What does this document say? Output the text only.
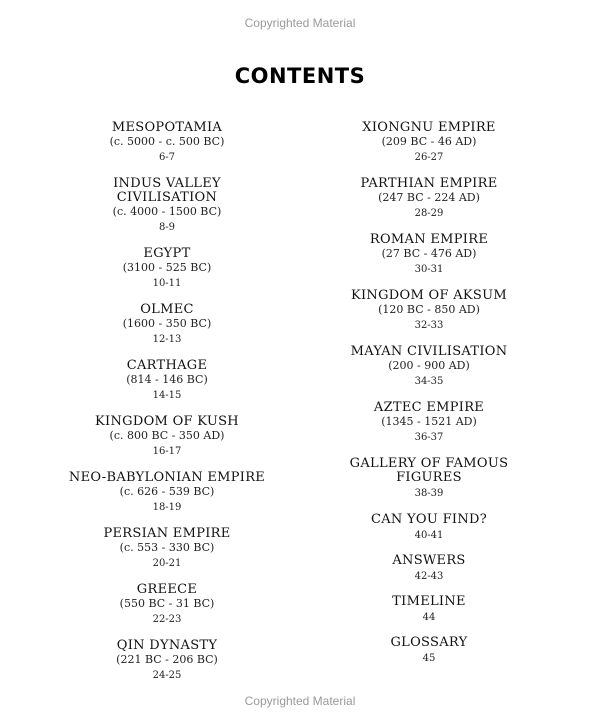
Copyrighted Material
CONTENTS
MESOPOTAMIA
(c. 5000 - c. 500 BC)
6-7
INDUS VALLEY CIVILISATION
(c. 4000 - 1500 BC)
8-9
EGYPT
(3100 - 525 BC)
10-11
OLMEC
(1600 - 350 BC)
12-13
CARTHAGE
(814 - 146 BC)
14-15
KINGDOM OF KUSH
(c. 800 BC - 350 AD)
16-17
NEO-BABYLONIAN EMPIRE
(c. 626 - 539 BC)
18-19
PERSIAN EMPIRE
(c. 553 - 330 BC)
20-21
GREECE
(550 BC - 31 BC)
22-23
QIN DYNASTY
(221 BC - 206 BC)
24-25
XIONGNU EMPIRE
(209 BC - 46 AD)
26-27
PARTHIAN EMPIRE
(247 BC - 224 AD)
28-29
ROMAN EMPIRE
(27 BC - 476 AD)
30-31
KINGDOM OF AKSUM
(120 BC - 850 AD)
32-33
MAYAN CIVILISATION
(200 - 900 AD)
34-35
AZTEC EMPIRE
(1345 - 1521 AD)
36-37
GALLERY OF FAMOUS FIGURES
38-39
CAN YOU FIND?
40-41
ANSWERS
42-43
TIMELINE
44
GLOSSARY
45
Copyrighted Material
